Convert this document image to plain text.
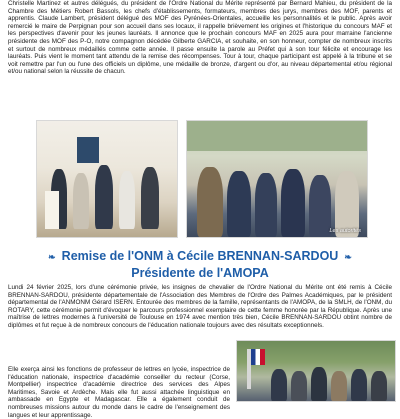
Christelle Martinez et autres délégués, du président de l'Ordre National du Mérite représenté par Bernard Mahieu, du président de la Chambre des Métiers Robert Bassols, les chefs d'établissements, formateurs, membres des jurys, membres des MOF, parents et apprentis. Claude Lambert, président délégué des MOF des Pyrénées-Orientales, accueille les personnalités et le public. Après avoir remercié le maire de Perpignan pour son accueil dans ses locaux, il rappelle brièvement les origines et l'historique du concours MAF et les perspectives d'avenir pour les jeunes lauréats. Il annonce que le prochain concours MAF en 2025 aura pour marraine l'ancienne présidente des MOF des P-O, notre compagnon décédée Gilberte GARCIA, et souhaite, en son honneur, compter de nombreux inscrits et surtout de nombreux médaillés comme cette année. Il passe ensuite la parole au Préfet qui à son tour félicite et encourage les lauréats. Puis vient le moment tant attendu de la remise des récompenses. Tour à tour, chaque participant est appelé à la tribune et se voit remettre par l'un ou l'une des officiels un diplôme, une médaille de bronze, d'argent ou d'or, au niveau départemental et/ou régional et/ou national selon la réussite de chacun.

Les autorités
❧ Remise de l'ONM à Cécile BRENNAN-SARDOU ❧
Présidente de l'AMOPA

Lundi 24 février 2025, lors d'une cérémonie privée, les insignes de chevalier de l'Ordre National du Mérite ont été remis à Cécile BRENNAN-SARDOU, présidente départementale de l'Association des Membres de l'Ordre des Palmes Académiques, par le président départemental de l'ANMONM Gérard ISERN. Entourée des membres de la famille, représentants de l'AMOPA, de la SMLH, de l'ONM, du ROTARY, cette cérémonie permit d'évoquer le parcours professionnel exemplaire de cette femme honorée par la République. Après une maîtrise de lettres modernes à l'université de Toulouse en 1974 avec mention très bien, Cécile BRENNAN-SARDOU obtint nombre de diplômes et fut reçue à de nombreux concours de l'éducation nationale toujours avec des résultats exceptionnels.

Elle exerça ainsi les fonctions de professeur de lettres en lycée, inspectrice de l'éducation nationale, inspectrice d'académie conseiller du recteur (Corse, Montpellier) inspectrice d'académie directrice des services des Alpes Maritimes, Savoie et Ardèche. Mais elle fut aussi attachée linguistique en ambassade en Egypte et Madagascar. Elle a également conduit de nombreuses missions autour du monde dans le cadre de l'enseignement des langues et leur apprentissage.
